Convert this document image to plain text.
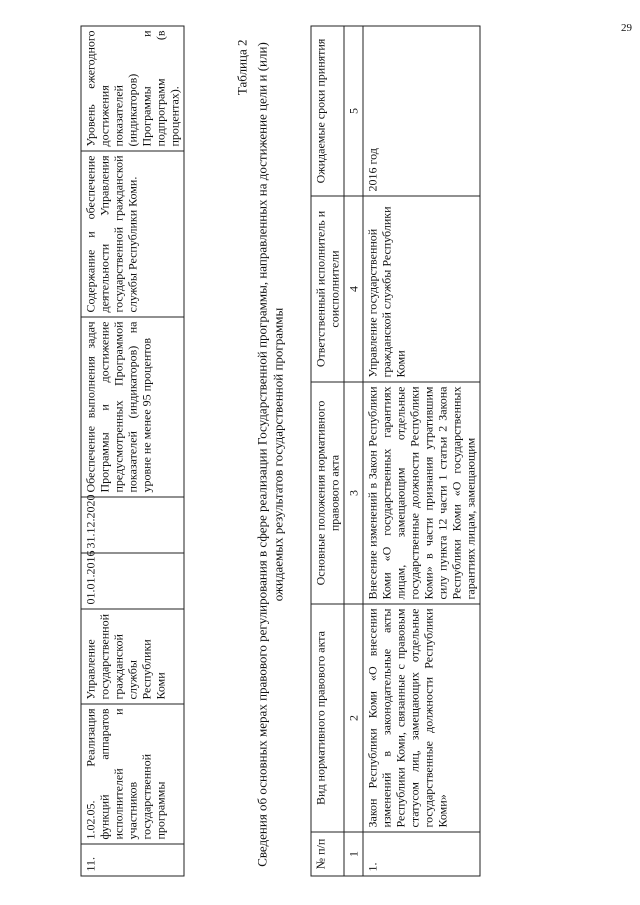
29
11.	1.02.05. Реализация функций аппаратов исполнителей и участников государственной программы	Управление государственной гражданской службы Республики Коми	01.01.2016	31.12.2020	Обеспечение выполнения задач Программы и достижение предусмотренных Программой показателей (индикаторов) на уровне не менее 95 процентов	Содержание и обеспечение деятельности Управления государственной гражданской службы Республики Коми.	Уровень ежегодного достижения показателей (индикаторов) Программы и подпрограмм (в процентах).
Таблица 2 Сведения об основных мерах правового регулирования в сфере реализации Государственной программы, направленных на достижение цели и (или) ожидаемых результатов государственной программы
№ п/п	Вид нормативного правового акта	Основные положения нормативного правового акта	Ответственный исполнитель и соисполнители	Ожидаемые сроки принятия
1	2	3	4	5
1.	Закон Республики Коми «О внесении изменений в законодательные акты Республики Коми, связанные с правовым статусом лиц, замещающих отдельные государственные должности Республики Коми»	Внесение изменений в Закон Республики Коми «О государственных гарантиях лицам, замещающим отдельные государственные должности Республики Коми» в части признания утратившим силу пункта 12 части 1 статьи 2 Закона Республики Коми «О государственных гарантиях лицам, замещающим	Управление государственной гражданской службы Республики Коми	2016 год
